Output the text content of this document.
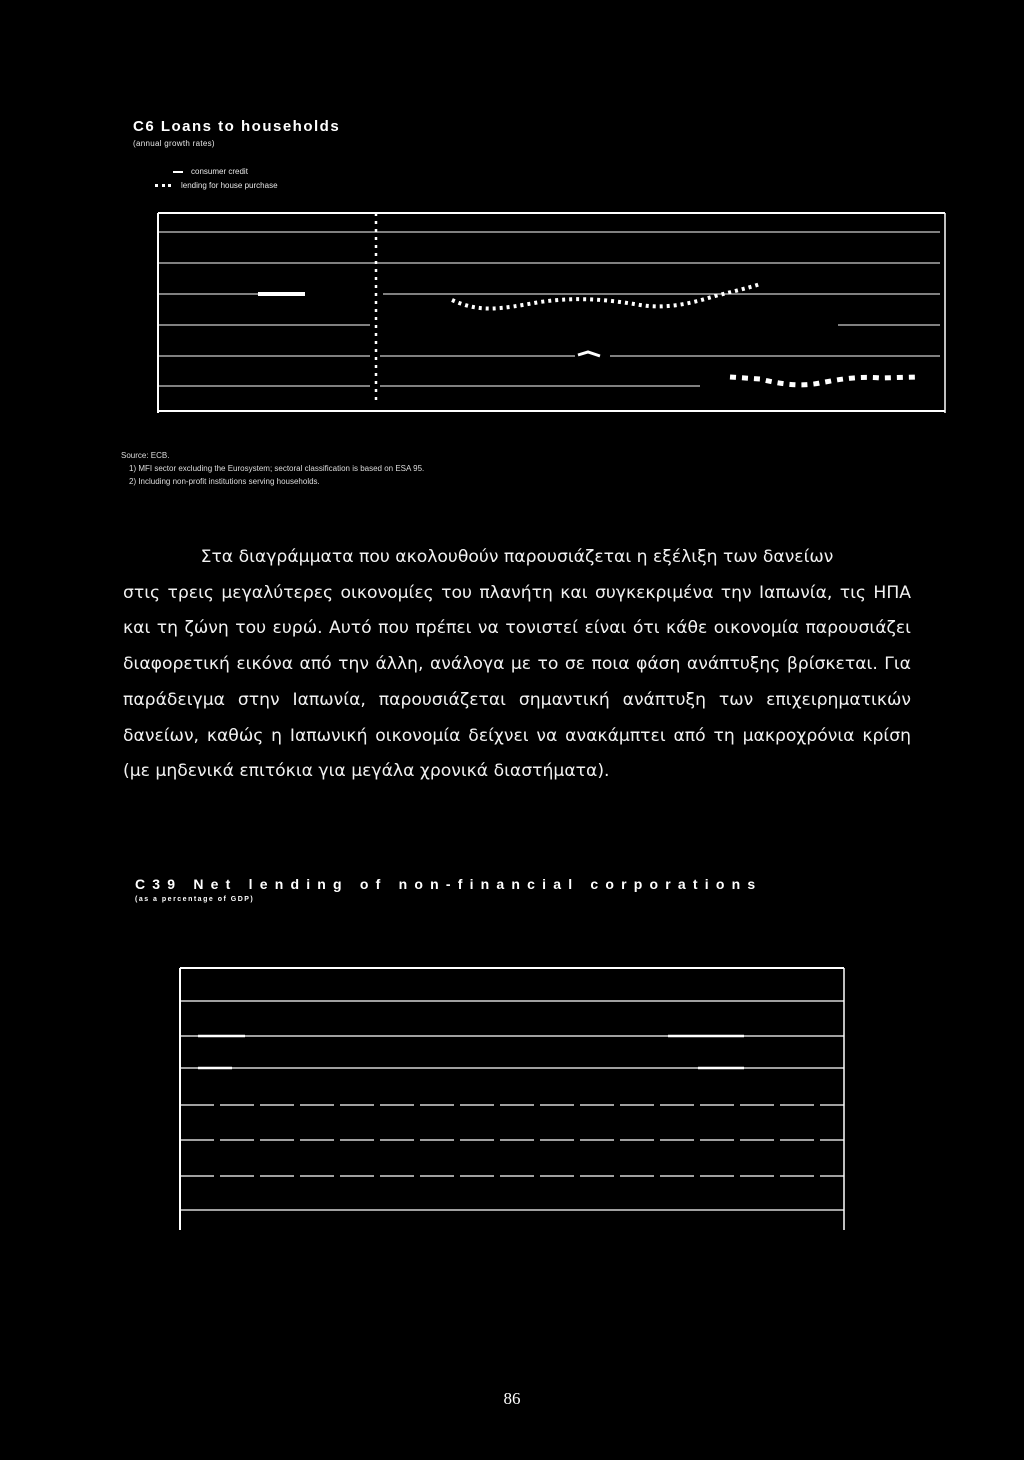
C6 Loans to households
(annual growth rates)
consumer credit
lending for house purchase
Source: ECB.
1) MFI sector excluding the Eurosystem; sectoral classification is based on ESA 95.
2) Including non-profit institutions serving households.
Στα διαγράμματα που ακολουθούν παρουσιάζεται η εξέλιξη των δανείων
στις τρεις μεγαλύτερες οικονομίες του πλανήτη και συγκεκριμένα την Ιαπωνία, τις ΗΠΑ και τη ζώνη του ευρώ. Αυτό που πρέπει να τονιστεί είναι ότι κάθε οικονομία παρουσιάζει διαφορετική εικόνα από την άλλη, ανάλογα με το σε ποια φάση ανάπτυξης βρίσκεται. Για παράδειγμα στην Ιαπωνία, παρουσιάζεται σημαντική ανάπτυξη των επιχειρηματικών δανείων, καθώς η Ιαπωνική οικονομία δείχνει να ανακάμπτει από τη μακροχρόνια κρίση (με μηδενικά επιτόκια για μεγάλα χρονικά διαστήματα).
C39 Net lending of non-financial corporations
(as a percentage of GDP)
86
